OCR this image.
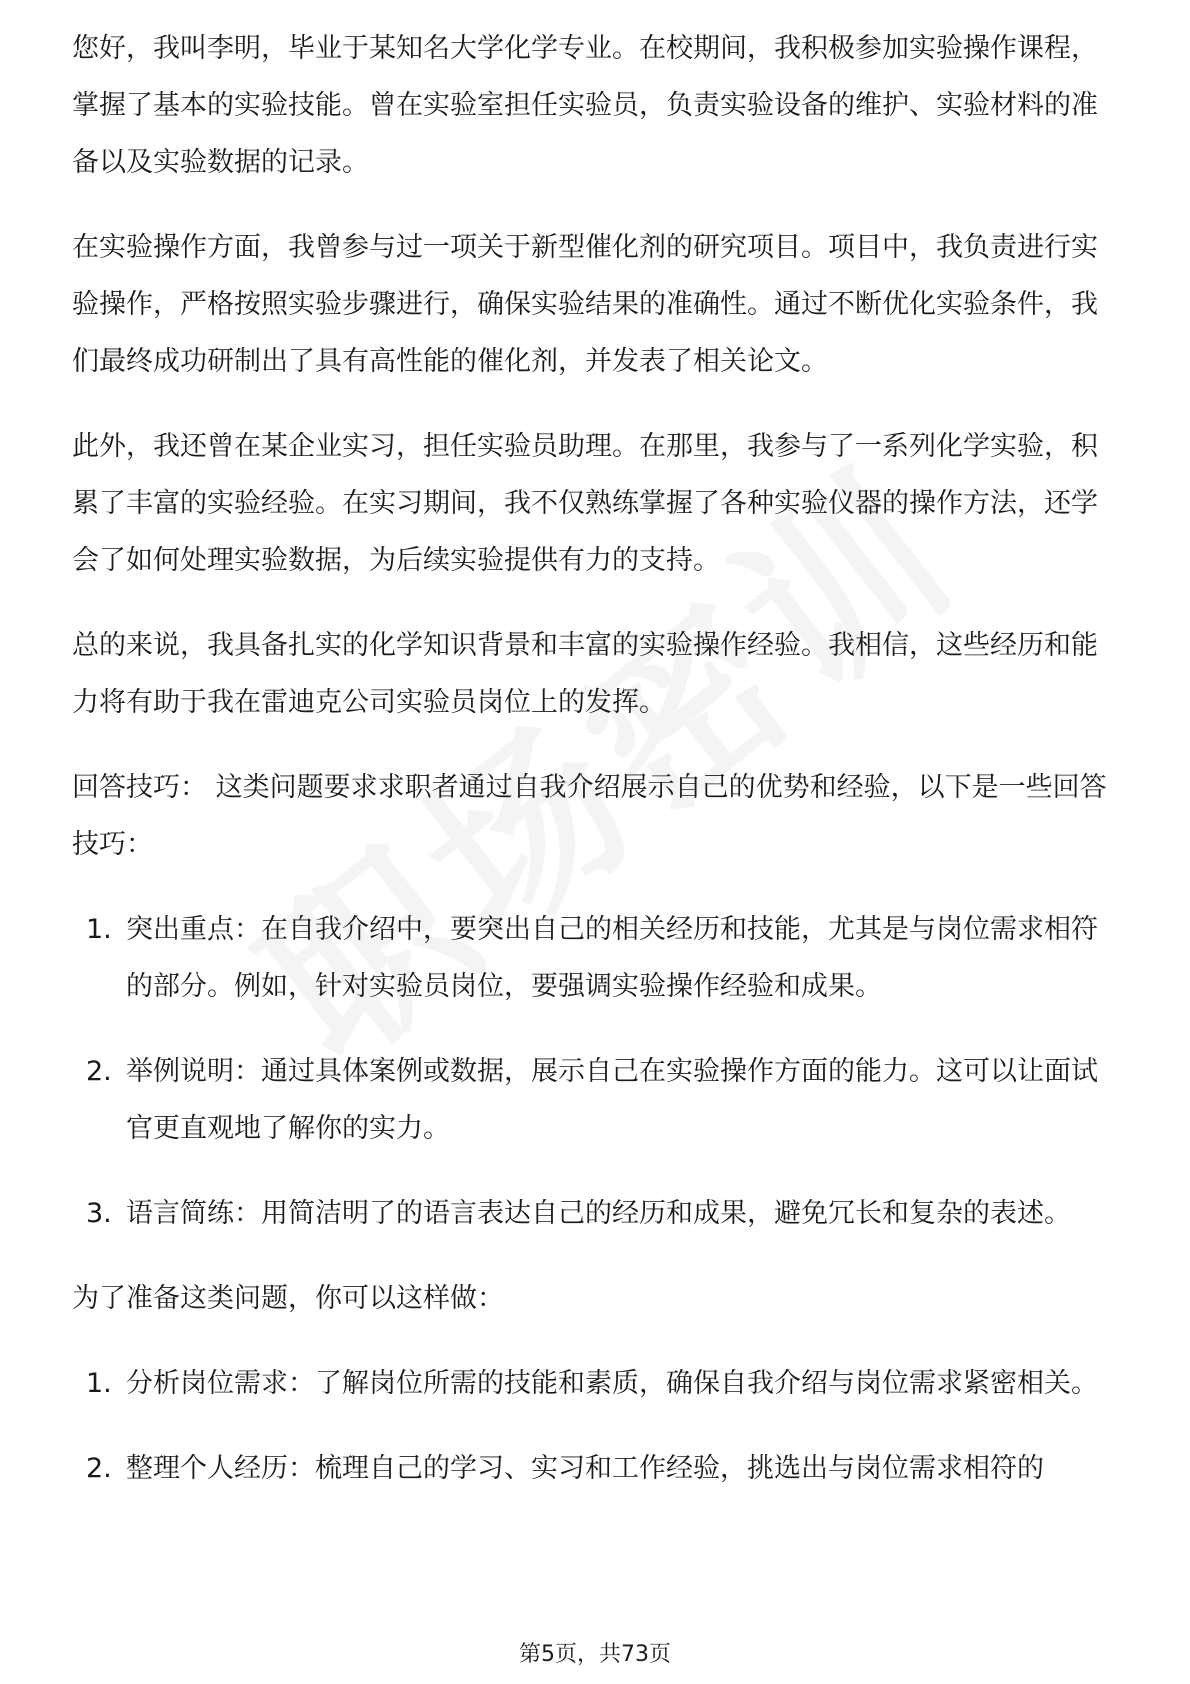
您好，我叫李明，毕业于某知名大学化学专业。在校期间，我积极参加实验操作课程，掌握了基本的实验技能。曾在实验室担任实验员，负责实验设备的维护、实验材料的准备以及实验数据的记录。

在实验操作方面，我曾参与过一项关于新型催化剂的研究项目。项目中，我负责进行实验操作，严格按照实验步骤进行，确保实验结果的准确性。通过不断优化实验条件，我们最终成功研制出了具有高性能的催化剂，并发表了相关论文。

此外，我还曾在某企业实习，担任实验员助理。在那里，我参与了一系列化学实验，积累了丰富的实验经验。在实习期间，我不仅熟练掌握了各种实验仪器的操作方法，还学会了如何处理实验数据，为后续实验提供有力的支持。

总的来说，我具备扎实的化学知识背景和丰富的实验操作经验。我相信，这些经历和能力将有助于我在雷迪克公司实验员岗位上的发挥。

回答技巧： 这类问题要求求职者通过自我介绍展示自己的优势和经验，以下是一些回答技巧：

1. 突出重点：在自我介绍中，要突出自己的相关经历和技能，尤其是与岗位需求相符的部分。例如，针对实验员岗位，要强调实验操作经验和成果。
2. 举例说明：通过具体案例或数据，展示自己在实验操作方面的能力。这可以让面试官更直观地了解你的实力。
3. 语言简练：用简洁明了的语言表达自己的经历和成果，避免冗长和复杂的表述。

为了准备这类问题，你可以这样做：

1. 分析岗位需求：了解岗位所需的技能和素质，确保自我介绍与岗位需求紧密相关。
2. 整理个人经历：梳理自己的学习、实习和工作经验，挑选出与岗位需求相符的
第5页，共73页
